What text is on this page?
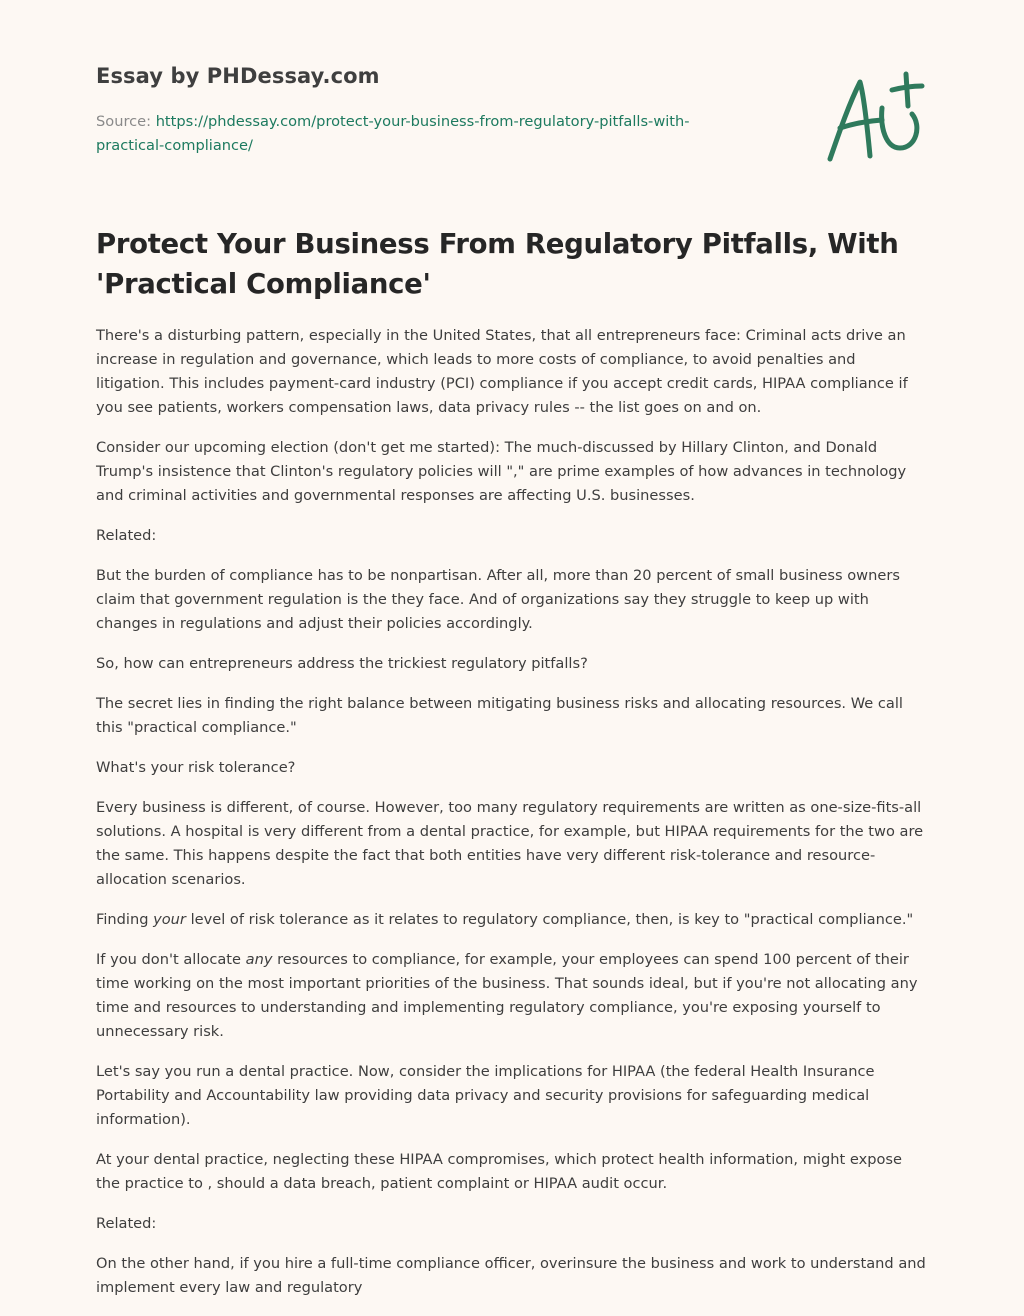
Essay by PHDessay.com
Source: https://phdessay.com/protect-your-business-from-regulatory-pitfalls-with-
practical-compliance/
Protect Your Business From Regulatory Pitfalls, With 'Practical Compliance'

There's a disturbing pattern, especially in the United States, that all entrepreneurs face: Criminal acts drive an increase in regulation and governance, which leads to more costs of compliance, to avoid penalties and litigation. This includes payment-card industry (PCI) compliance if you accept credit cards, HIPAA compliance if you see patients, workers compensation laws, data privacy rules -- the list goes on and on.

Consider our upcoming election (don't get me started): The much-discussed by Hillary Clinton, and Donald Trump's insistence that Clinton's regulatory policies will "," are prime examples of how advances in technology and criminal activities and governmental responses are affecting U.S. businesses.

Related:

But the burden of compliance has to be nonpartisan. After all, more than 20 percent of small business owners claim that government regulation is the they face. And of organizations say they struggle to keep up with changes in regulations and adjust their policies accordingly.

So, how can entrepreneurs address the trickiest regulatory pitfalls?

The secret lies in finding the right balance between mitigating business risks and allocating resources. We call this "practical compliance."

What's your risk tolerance?

Every business is different, of course. However, too many regulatory requirements are written as one-size-fits-all solutions. A hospital is very different from a dental practice, for example, but HIPAA requirements for the two are the same. This happens despite the fact that both entities have very different risk-tolerance and resource-allocation scenarios.

Finding your level of risk tolerance as it relates to regulatory compliance, then, is key to "practical compliance."

If you don't allocate any resources to compliance, for example, your employees can spend 100 percent of their time working on the most important priorities of the business. That sounds ideal, but if you're not allocating any time and resources to understanding and implementing regulatory compliance, you're exposing yourself to unnecessary risk.

Let's say you run a dental practice. Now, consider the implications for HIPAA (the federal Health Insurance Portability and Accountability law providing data privacy and security provisions for safeguarding medical information).

At your dental practice, neglecting these HIPAA compromises, which protect health information, might expose the practice to , should a data breach, patient complaint or HIPAA audit occur.

Related:

On the other hand, if you hire a full-time compliance officer, overinsure the business and work to understand and implement every law and regulatory
